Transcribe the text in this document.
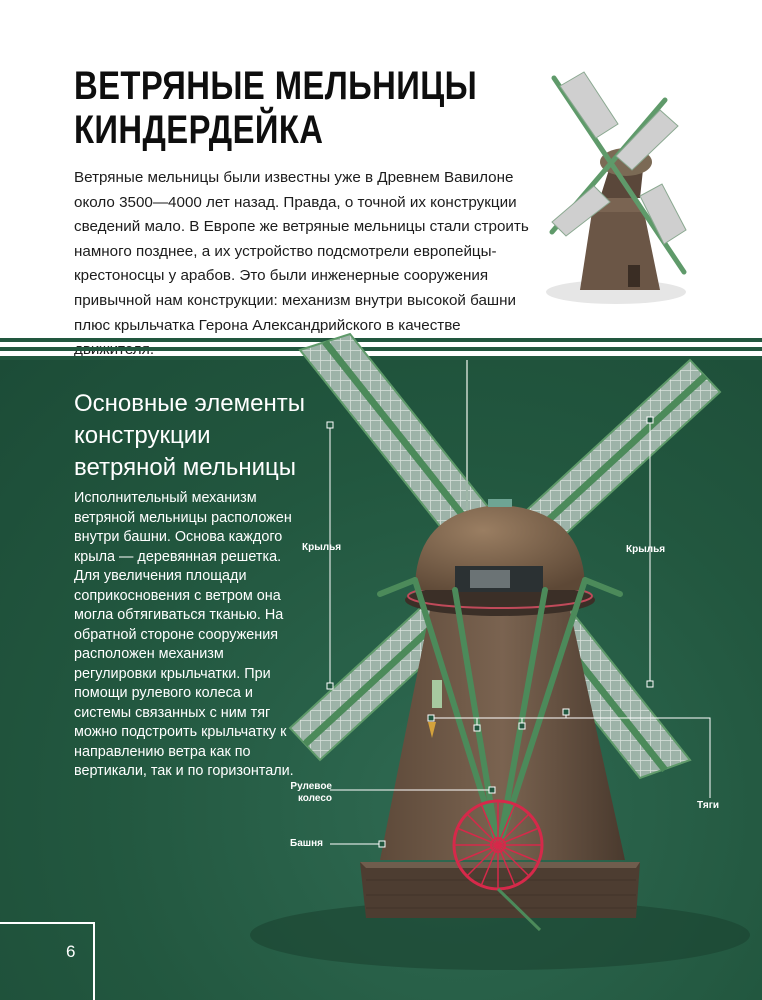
ВЕТРЯНЫЕ МЕЛЬНИЦЫ
КИНДЕРДЕЙКА

Ветряные мельницы были известны уже в Древнем Вавилоне около 3500—4000 лет назад. Правда, о точной их конструкции сведений мало. В Европе же ветряные мельницы стали строить намного позднее, а их устройство подсмотрели европейцы-крестоносцы у арабов. Это были инженерные сооружения привычной нам конструкции: механизм внутри высокой башни плюс крыльчатка Герона Александрийского в качестве

Основные элементы
конструкции
ветряной мельницы

Исполнительный механизм ветряной мельницы расположен внутри башни. Основа каждого крыла — деревянная решетка. Для увеличения площади соприкосновения с ветром она могла обтягиваться тканью. На обратной стороне сооружения расположен механизм регулировки крыльчатки. При помощи рулевого колеса и системы связанных с ним тяг можно подстроить крыльчатку к направлению ветра как по вертикали, так и по горизонтали.

Крылья	Крылья
Рулевое
колесо
Тяги
Башня
6
